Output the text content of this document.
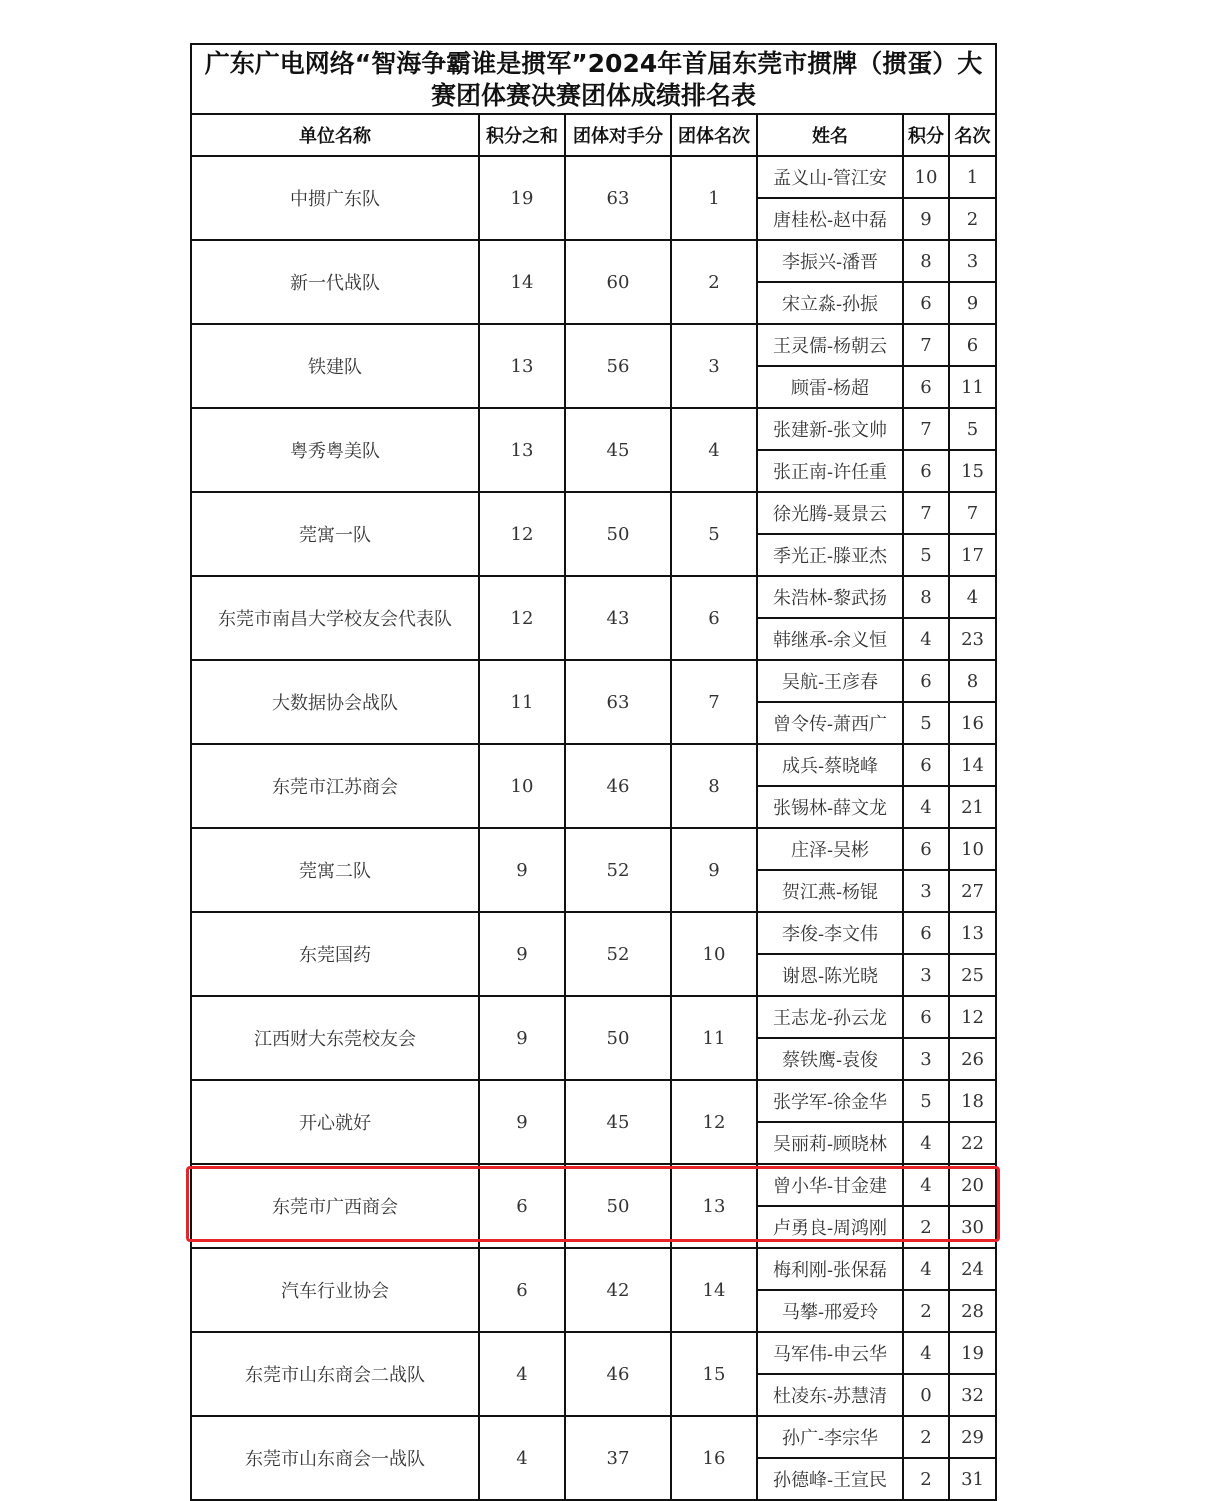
广东广电网络“智海争霸谁是掼军”2024年首届东莞市掼牌（掼蛋）大赛团体赛决赛团体成绩排名表						
单位名称	积分之和	团体对手分	团体名次	姓名	积分	名次
中掼广东队	19	63	1	孟义山-管江安	10	1
				唐桂松-赵中磊	9	2
新一代战队	14	60	2	李振兴-潘晋	8	3
				宋立淼-孙振	6	9
铁建队	13	56	3	王灵儒-杨朝云	7	6
				顾雷-杨超	6	11
粤秀粤美队	13	45	4	张建新-张文帅	7	5
				张正南-许任重	6	15
莞寓一队	12	50	5	徐光腾-聂景云	7	7
				季光正-滕亚杰	5	17
东莞市南昌大学校友会代表队	12	43	6	朱浩林-黎武扬	8	4
				韩继承-余义恒	4	23
大数据协会战队	11	63	7	吴航-王彦春	6	8
				曾令传-萧西广	5	16
东莞市江苏商会	10	46	8	成兵-蔡晓峰	6	14
				张锡林-薛文龙	4	21
莞寓二队	9	52	9	庄泽-吴彬	6	10
				贺江燕-杨锟	3	27
东莞国药	9	52	10	李俊-李文伟	6	13
				谢恩-陈光晓	3	25
江西财大东莞校友会	9	50	11	王志龙-孙云龙	6	12
				蔡铁鹰-袁俊	3	26
开心就好	9	45	12	张学军-徐金华	5	18
				吴丽莉-顾晓林	4	22
东莞市广西商会	6	50	13	曾小华-甘金建	4	20
				卢勇良-周鸿刚	2	30
汽车行业协会	6	42	14	梅利刚-张保磊	4	24
				马攀-邢爱玲	2	28
东莞市山东商会二战队	4	46	15	马军伟-申云华	4	19
				杜凌东-苏慧清	0	32
东莞市山东商会一战队	4	37	16	孙广-李宗华	2	29
				孙德峰-王宣民	2	31
